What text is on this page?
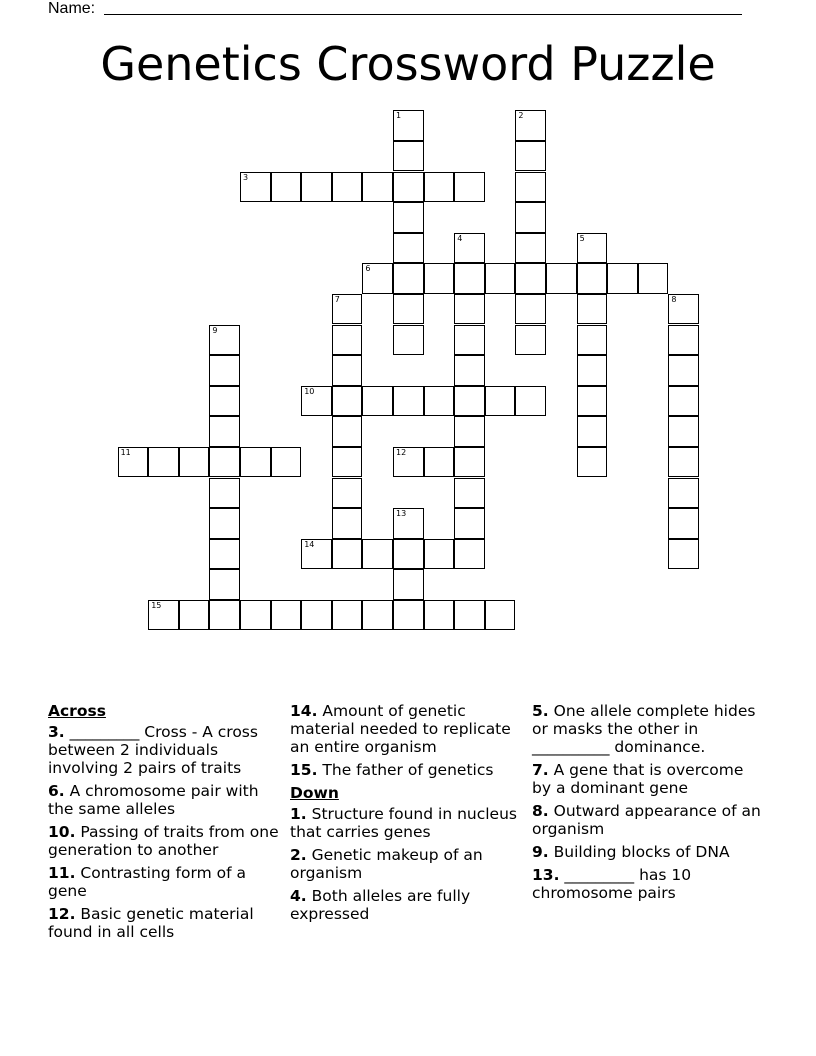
Name:
Genetics Crossword Puzzle
1	2
3
4	5
6
7	8
9
10
11	12
13
14
15
Across
3. _________ Cross - A cross between 2 individuals involving 2 pairs of traits
6. A chromosome pair with the same alleles
10. Passing of traits from one generation to another
11. Contrasting form of a gene
12. Basic genetic material found in all cells
14. Amount of genetic material needed to replicate an entire organism
15. The father of genetics
Down
1. Structure found in nucleus that carries genes
2. Genetic makeup of an organism
4. Both alleles are fully expressed
5. One allele complete hides or masks the other in __________ dominance.
7. A gene that is overcome by a dominant gene
8. Outward appearance of an organism
9. Building blocks of DNA
13. _________ has 10 chromosome pairs
